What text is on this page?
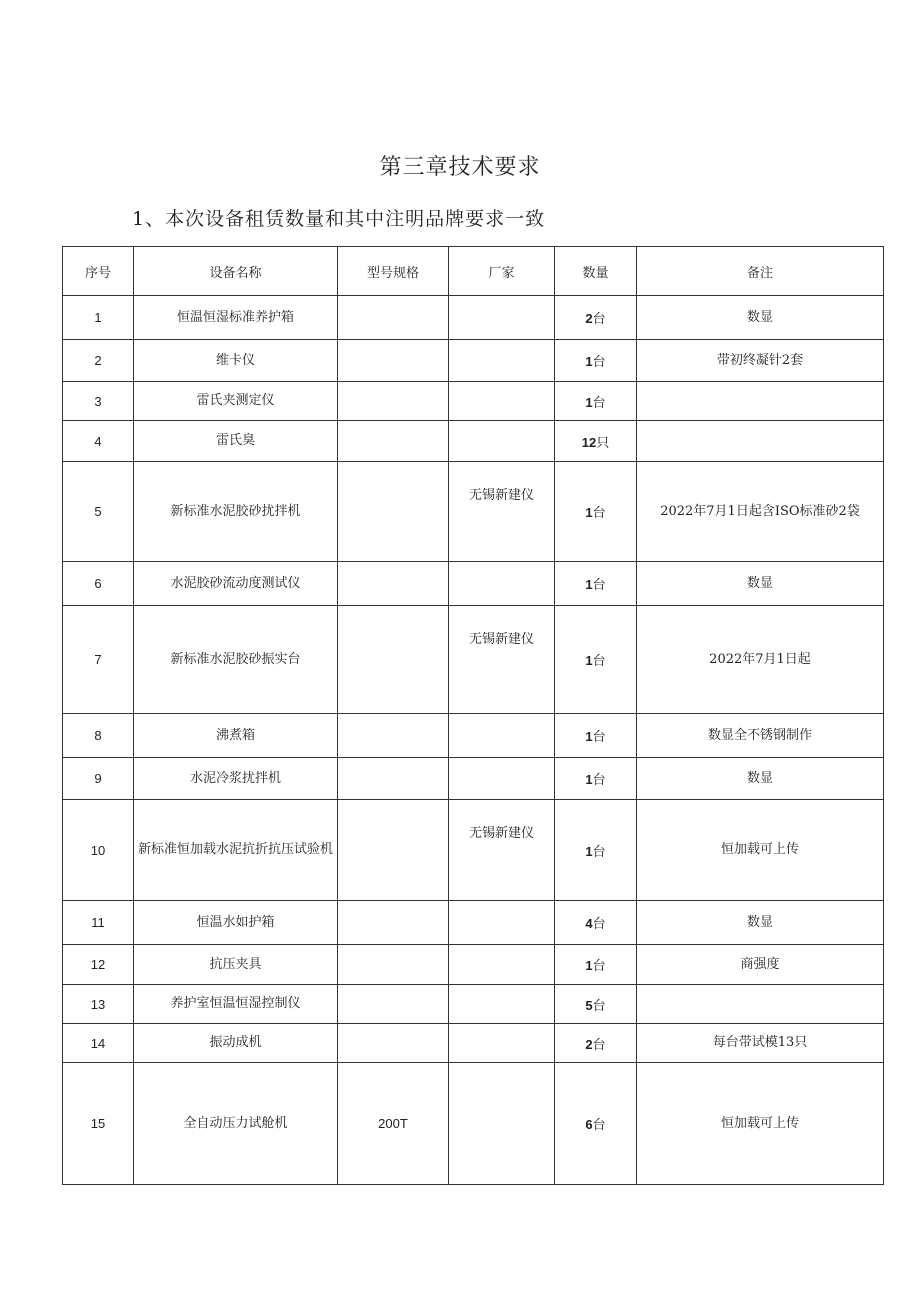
第三章技术要求
1、本次设备租赁数量和其中注明品牌要求一致
序号	设备名称	型号规格	厂家	数量	备注
1	恒温恒湿标准养护箱			2台	数显
2	维卡仪			1台	带初终凝针2套
3	雷氏夹测定仪			1台	
4	雷氏臭			12只	
5	新标准水泥胶砂扰拌机		无锡新建仪	1台	2022年7月1日起含ISO标准砂2袋
6	水泥胶砂流动度测试仪			1台	数显
7	新标准水泥胶砂振实台		无锡新建仪	1台	2022年7月1日起
8	沸煮箱			1台	数显全不锈钢制作
9	水泥冷浆扰拌机			1台	数显
10	新标准恒加载水泥抗折抗压试验机		无锡新建仪	1台	恒加载可上传
11	恒温水如护箱			4台	数显
12	抗压夹具			1台	商强度
13	养护室恒温恒湿控制仪			5台	
14	振动成机			2台	每台带试模13只
15	全自动压力试舱机	200T		6台	恒加载可上传
